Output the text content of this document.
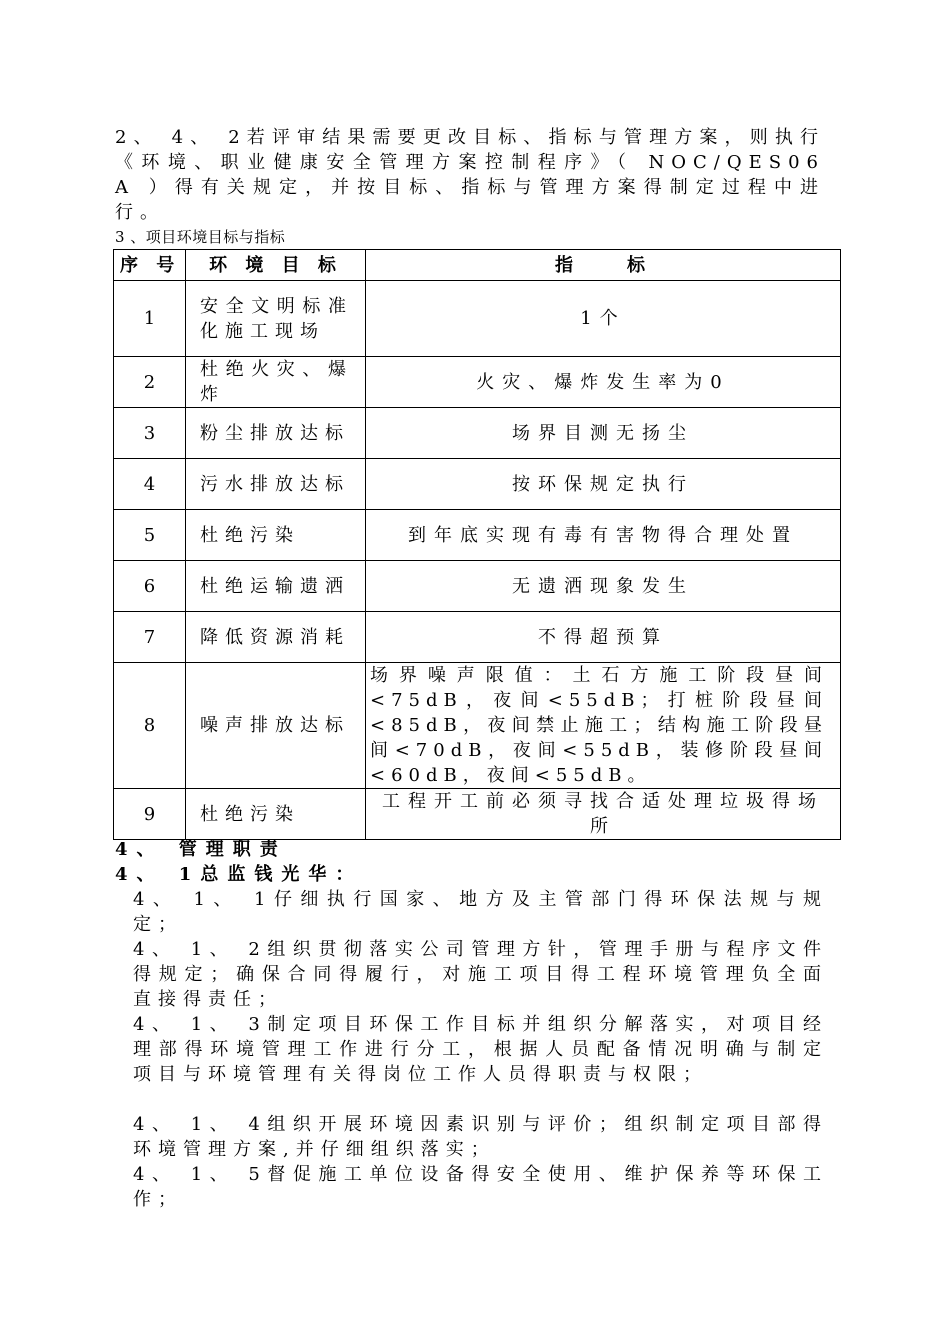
2、 4、 2若评审结果需要更改目标、指标与管理方案，则执行《环境、职业健康安全管理方案控制程序》（ NOC/QES06 A ）得有关规定，并按目标、指标与管理方案得制定过程中进行。

3 、项目环境目标与指标

序 号	环 境 目 标	指　　标
1	安全文明标准化施工现场	1个
2	杜绝火灾、爆炸	火灾、爆炸发生率为0
3	粉尘排放达标	场界目测无扬尘
4	污水排放达标	按环保规定执行
5	杜绝污染	到年底实现有毒有害物得合理处置
6	杜绝运输遗洒	无遗洒现象发生
7	降低资源消耗	不得超预算
8	噪声排放达标	场界噪声限值：土石方施工阶段昼间<75dB，夜间<55dB；打桩阶段昼间<85dB，夜间禁止施工；结构施工阶段昼间<70dB，夜间<55dB，装修阶段昼间<60dB，夜间<55dB。
9	杜绝污染	工程开工前必须寻找合适处理垃圾得场所

4、 管理职责

4、 1总监钱光华：

4、 1、 1仔细执行国家、地方及主管部门得环保法规与规定；

4、 1、 2组织贯彻落实公司管理方针，管理手册与程序文件得规定；确保合同得履行，对施工项目得工程环境管理负全面直接得责任；

4、 1、 3制定项目环保工作目标并组织分解落实，对项目经理部得环境管理工作进行分工，根据人员配备情况明确与制定项目与环境管理有关得岗位工作人员得职责与权限；

4、 1、 4组织开展环境因素识别与评价；组织制定项目部得环境管理方案,并仔细组织落实；

4、 1、 5督促施工单位设备得安全使用、维护保养等环保工作；
